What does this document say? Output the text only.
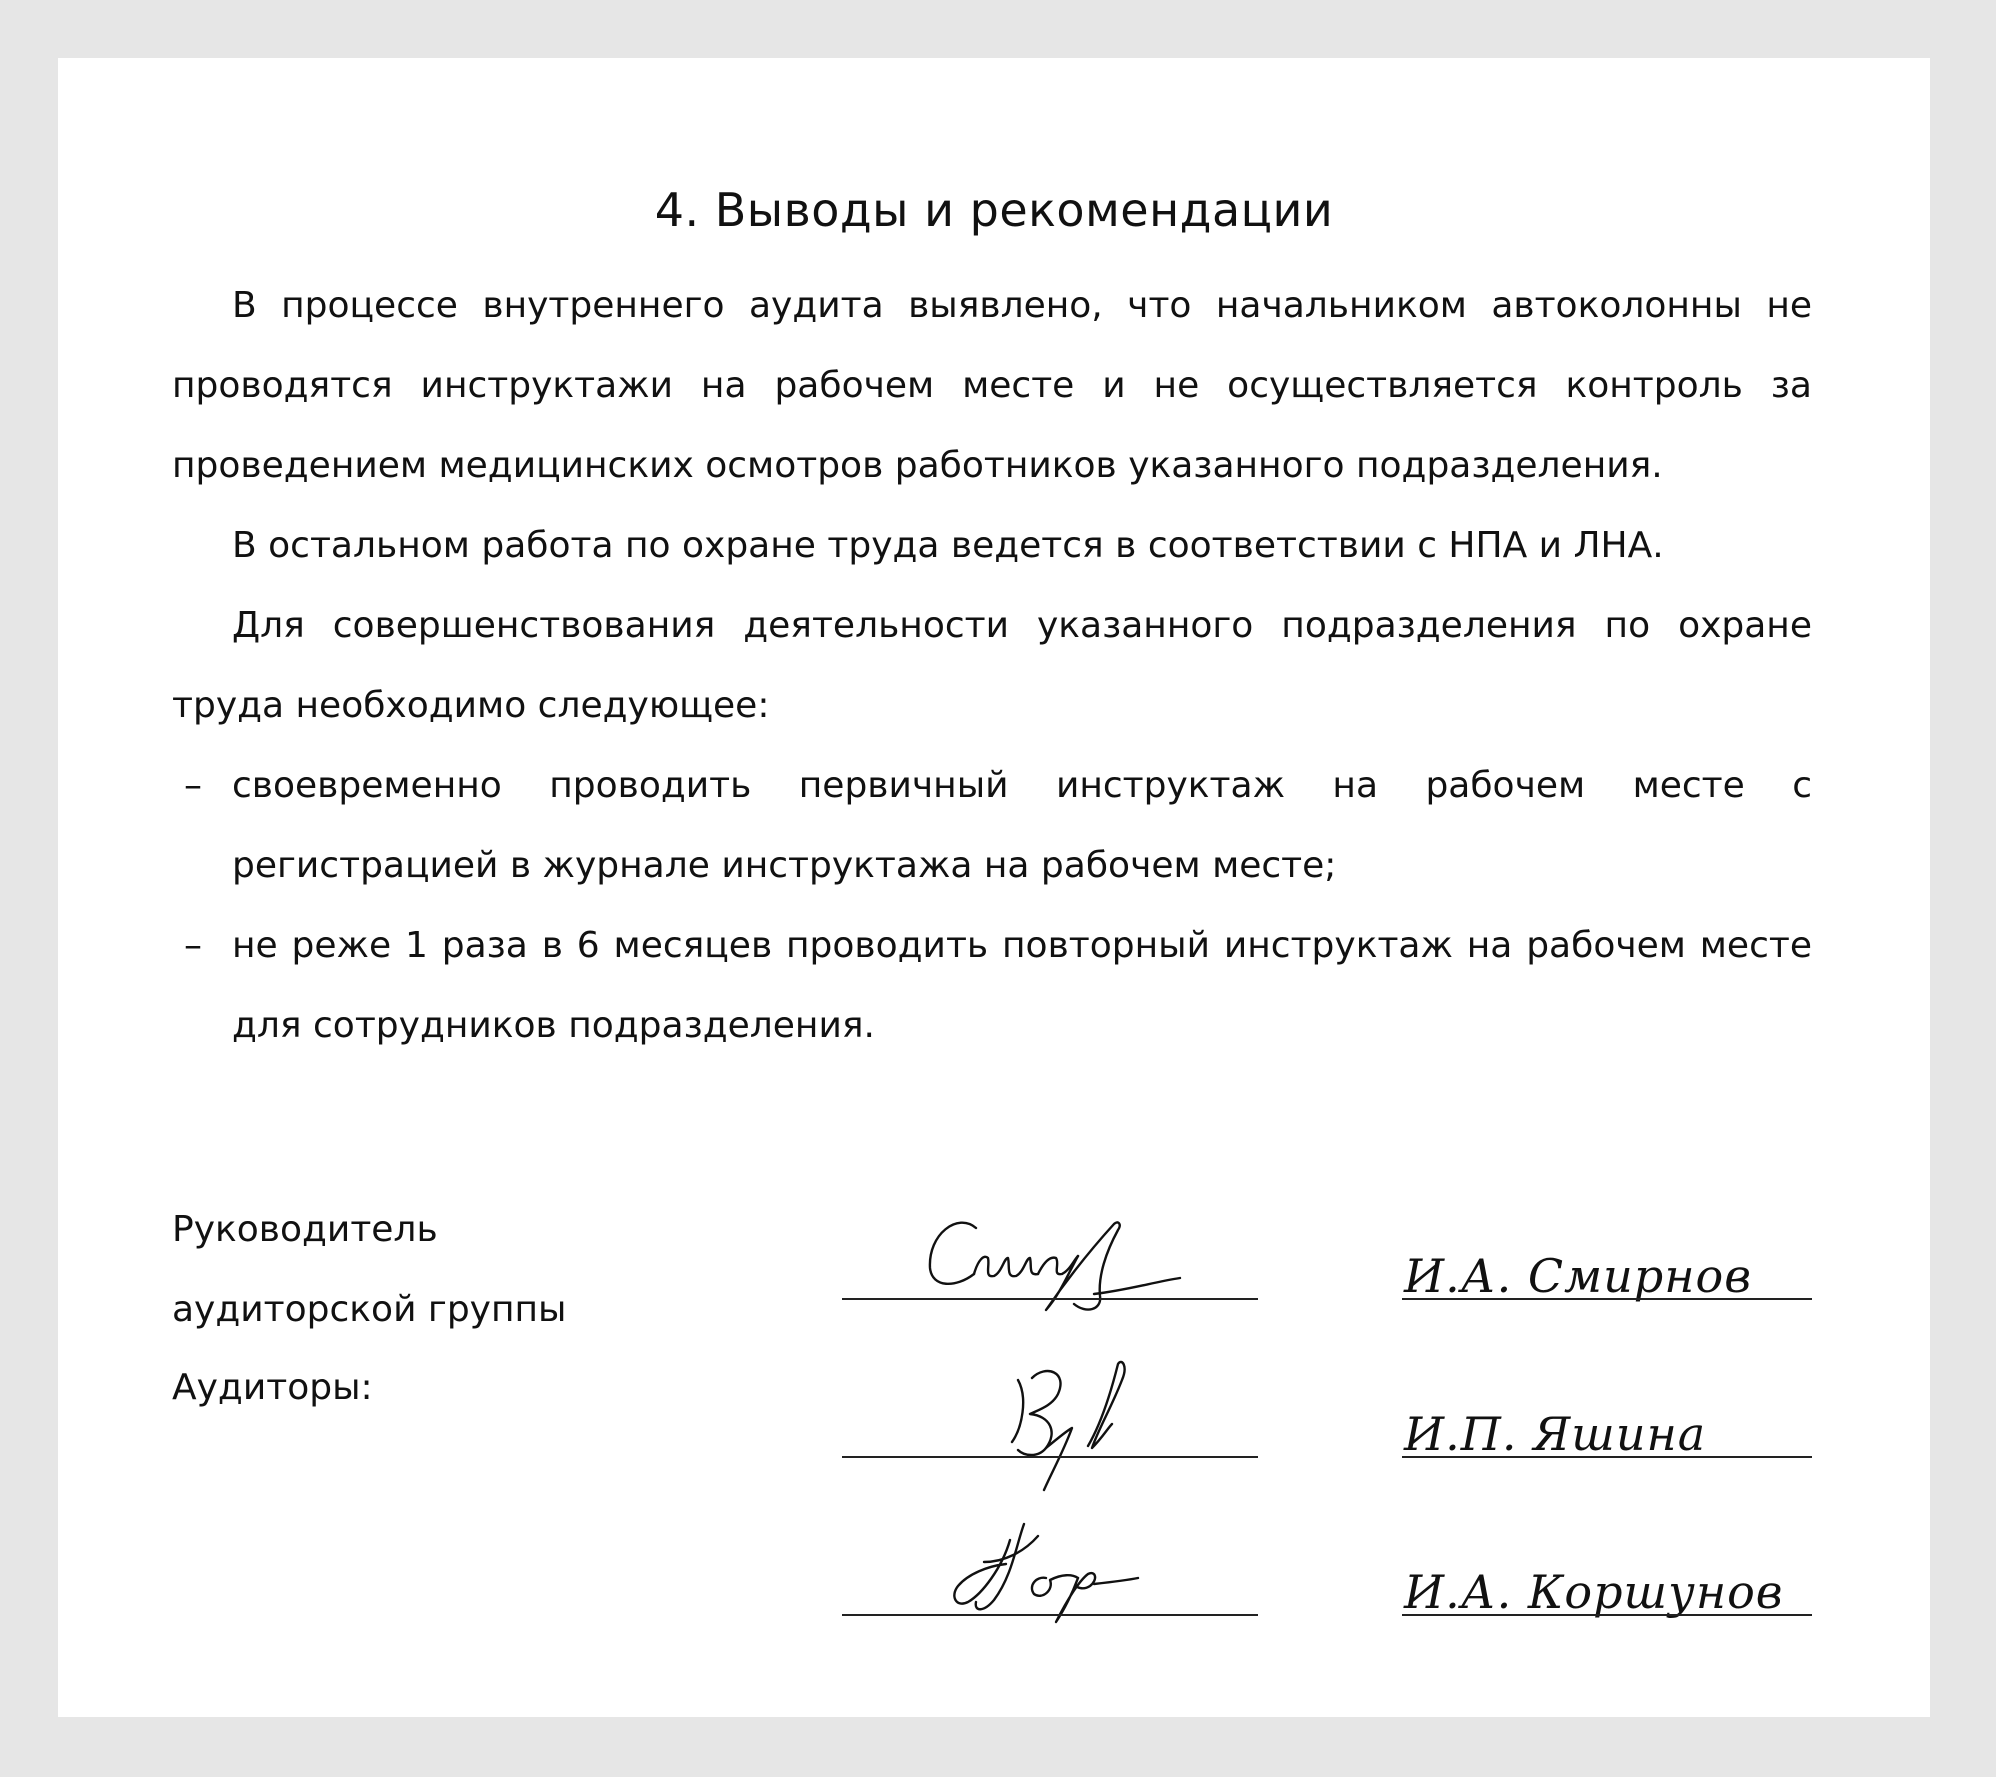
4. Выводы и рекомендации

В процессе внутреннего аудита выявлено, что начальником автоколонны не проводятся инструктажи на рабочем месте и не осуществляется контроль за проведением медицинских осмотров работников указанного подразделения.

В остальном работа по охране труда ведется в соответствии с НПА и ЛНА.

Для совершенствования деятельности указанного подразделения по охране труда необходимо следующее:

– своевременно проводить первичный инструктаж на рабочем месте с регистрацией в журнале инструктажа на рабочем месте;
– не реже 1 раза в 6 месяцев проводить повторный инструктаж на рабочем месте для сотрудников подразделения.
Руководитель
аудиторской группы
И.А. Смирнов
Аудиторы:
И.П. Яшина
И.А. Коршунов
